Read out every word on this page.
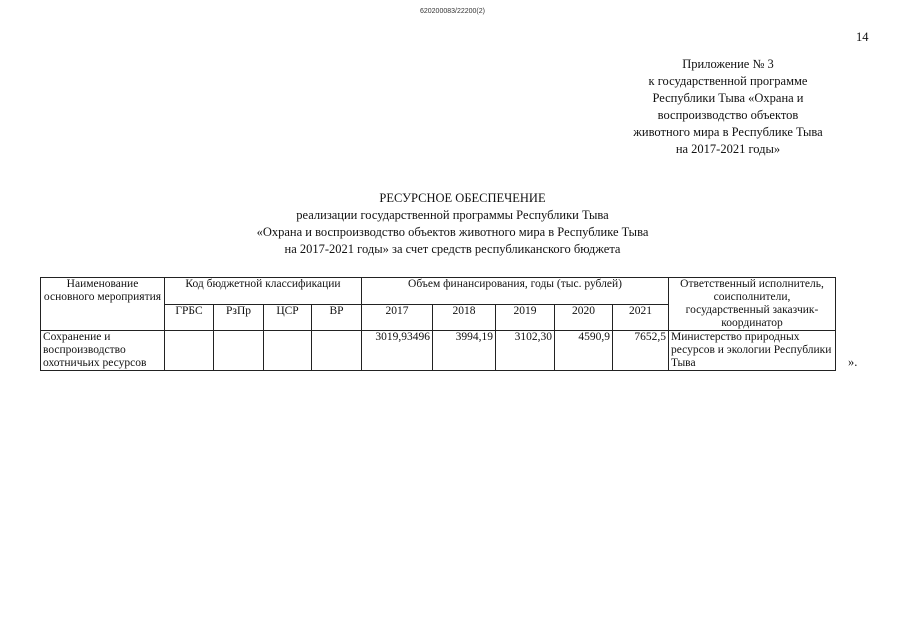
620200083/22200(2)
14
Приложение № 3
к государственной программе
Республики Тыва «Охрана и
воспроизводство объектов
животного мира в Республике Тыва
на 2017-2021 годы»
РЕСУРСНОЕ ОБЕСПЕЧЕНИЕ
реализации государственной программы Республики Тыва
«Охрана и воспроизводство объектов животного мира в Республике Тыва
на 2017-2021 годы» за счет средств республиканского бюджета
Наименование основного мероприятия	Код бюджетной классификации				Объем финансирования, годы (тыс. рублей)					Ответственный исполнитель, соисполнители, государственный заказчик-координатор
	ГРБС	РзПр	ЦСР	ВР	2017	2018	2019	2020	2021	
Сохранение и воспроизводство охотничьих ресурсов					3019,93496	3994,19	3102,30	4590,9	7652,5	Министерство природных ресурсов и экологии Республики Тыва	».
